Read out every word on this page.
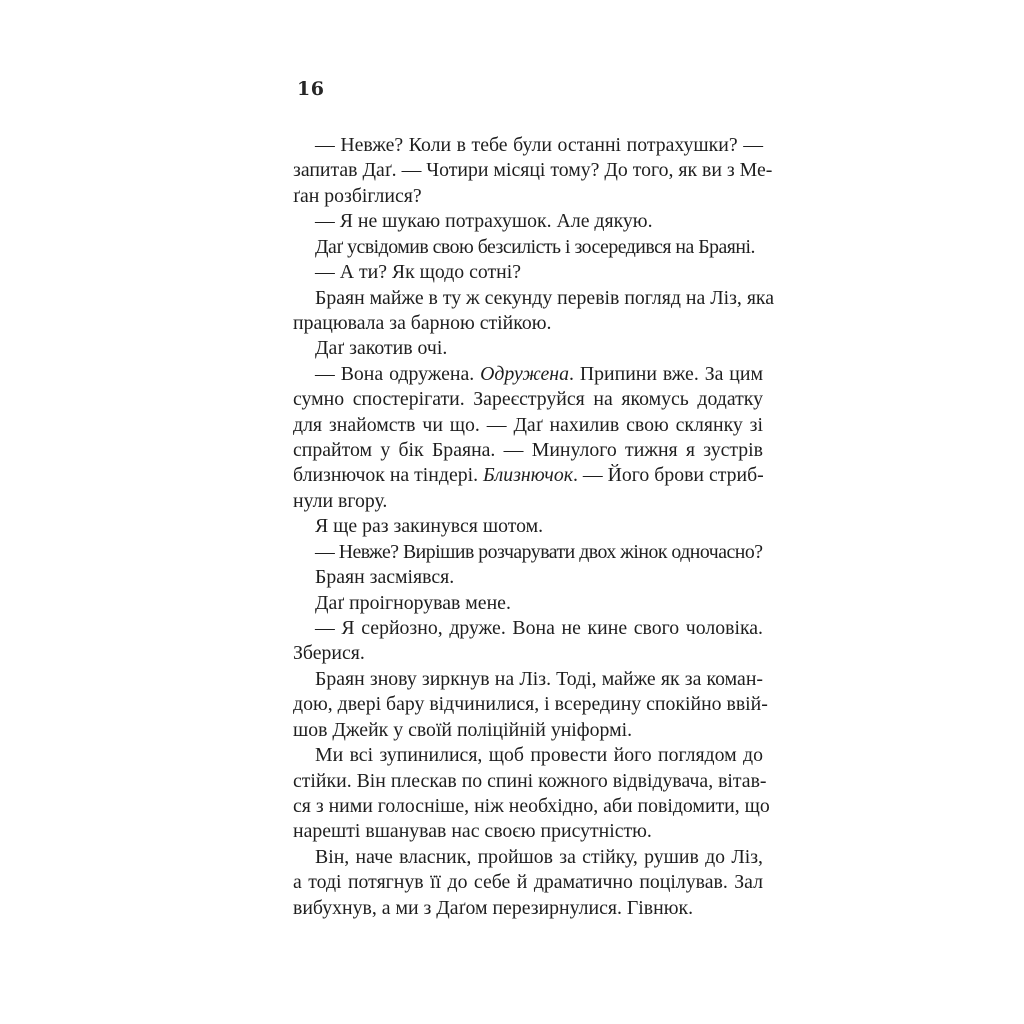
16
— Невже? Коли в тебе були останні потрахушки? —
запитав Даґ. — Чотири місяці тому? До того, як ви з Ме-
ґан розбіглися?
— Я не шукаю потрахушок. Але дякую.
Даґ усвідомив свою безсилість і зосередився на Браяні.
— А ти? Як щодо сотні?
Браян майже в ту ж секунду перевів погляд на Ліз, яка
працювала за барною стійкою.
Даґ закотив очі.
— Вона одружена. Одружена. Припини вже. За цим
сумно спостерігати. Зареєструйся на якомусь додатку
для знайомств чи що. — Даґ нахилив свою склянку зі
спрайтом у бік Браяна. — Минулого тижня я зустрів
близнючок на тіндері. Близнючок. — Його брови стриб-
нули вгору.
Я ще раз закинувся шотом.
— Невже? Вирішив розчарувати двох жінок одночасно?
Браян засміявся.
Даґ проігнорував мене.
— Я серйозно, друже. Вона не кине свого чоловіка.
Зберися.
Браян знову зиркнув на Ліз. Тоді, майже як за коман-
дою, двері бару відчинилися, і всередину спокійно ввій-
шов Джейк у своїй поліційній уніформі.
Ми всі зупинилися, щоб провести його поглядом до
стійки. Він плескав по спині кожного відвідувача, вітав-
ся з ними голосніше, ніж необхідно, аби повідомити, що
нарешті вшанував нас своєю присутністю.
Він, наче власник, пройшов за стійку, рушив до Ліз,
а тоді потягнув її до себе й драматично поцілував. Зал
вибухнув, а ми з Даґом перезирнулися. Гівнюк.
